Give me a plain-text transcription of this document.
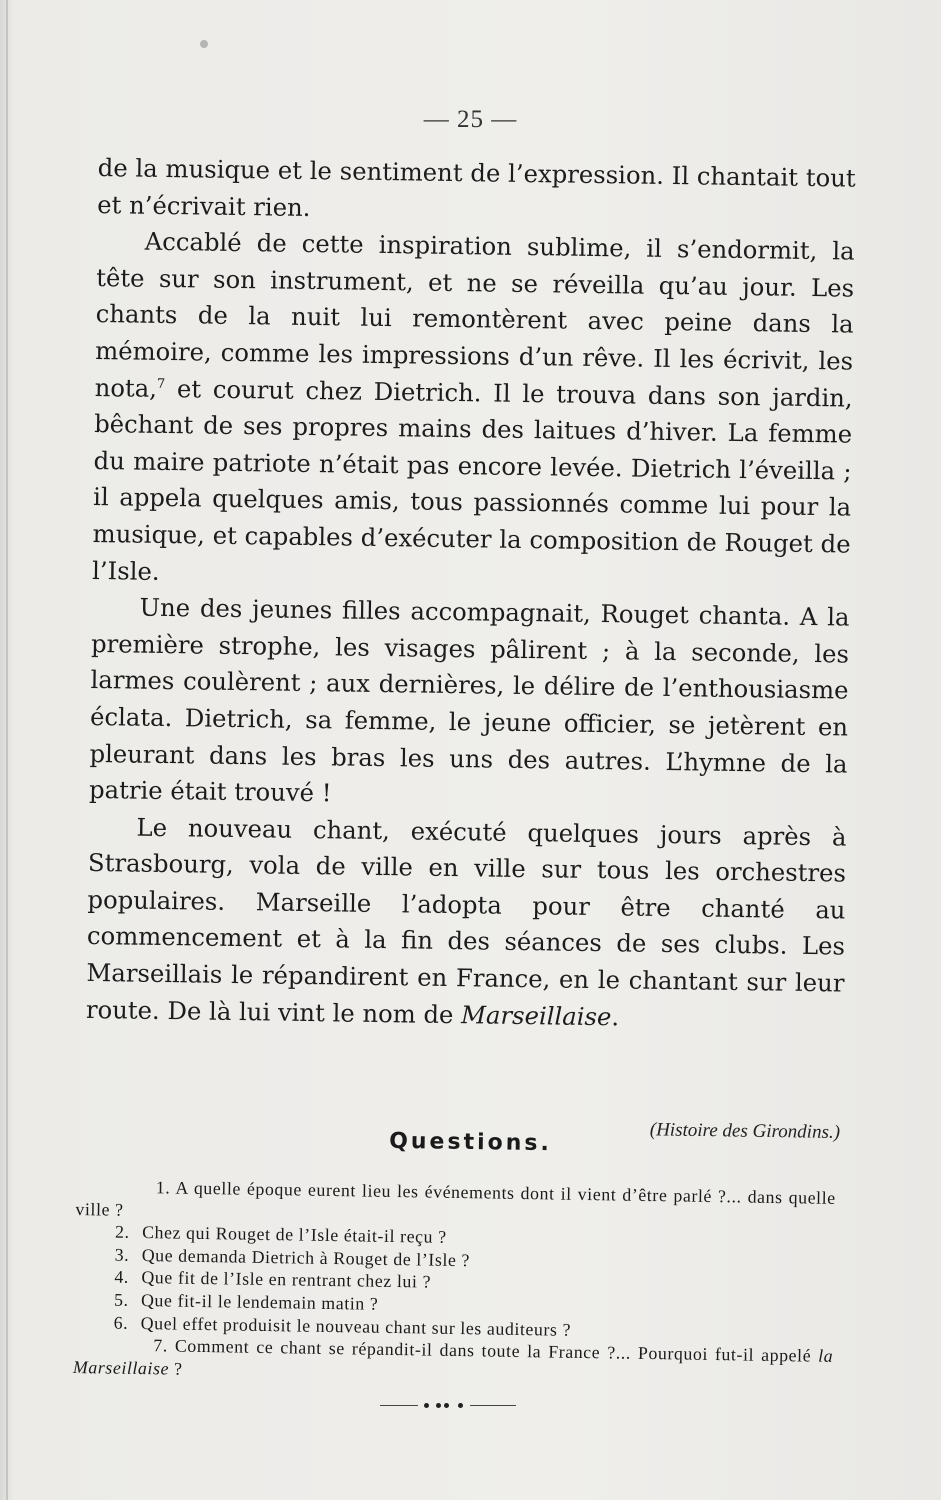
— 25 —

de la musique et le sentiment de l’expression. Il chantait tout et n’écrivait rien.

Accablé de cette inspiration sublime, il s’endormit, la tête sur son instrument, et ne se réveilla qu’au jour. Les chants de la nuit lui remontèrent avec peine dans la mémoire, comme les impressions d’un rêve. Il les écrivit, les nota,$^7$ et courut chez Dietrich. Il le trouva dans son jardin, bêchant de ses propres mains des laitues d’hiver. La femme du maire patriote n’était pas encore levée. Dietrich l’éveilla ; il appela quelques amis, tous passionnés comme lui pour la musique, et capables d’exécuter la composition de Rouget de l’Isle.

Une des jeunes filles accompagnait, Rouget chanta. A la première strophe, les visages pâlirent ; à la seconde, les larmes coulèrent ; aux dernières, le délire de l’enthousiasme éclata. Dietrich, sa femme, le jeune officier, se jetèrent en pleurant dans les bras les uns des autres. L’hymne de la patrie était trouvé !

Le nouveau chant, exécuté quelques jours après à Strasbourg, vola de ville en ville sur tous les orchestres populaires. Marseille l’adopta pour être chanté au commencement et à la fin des séances de ses clubs. Les Marseillais le répandirent en France, en le chantant sur leur route. De là lui vint le nom de Marseillaise.

(Histoire des Girondins.)
Questions.

1. A quelle époque eurent lieu les événements dont il vient d’être parlé ?... dans quelle ville ?

2. Chez qui Rouget de l’Isle était-il reçu ?

3. Que demanda Dietrich à Rouget de l’Isle ?

4. Que fit de l’Isle en rentrant chez lui ?

5. Que fit-il le lendemain matin ?

6. Quel effet produisit le nouveau chant sur les auditeurs ?

7. Comment ce chant se répandit-il dans toute la France ?... Pourquoi fut-il appelé la Marseillaise ?
